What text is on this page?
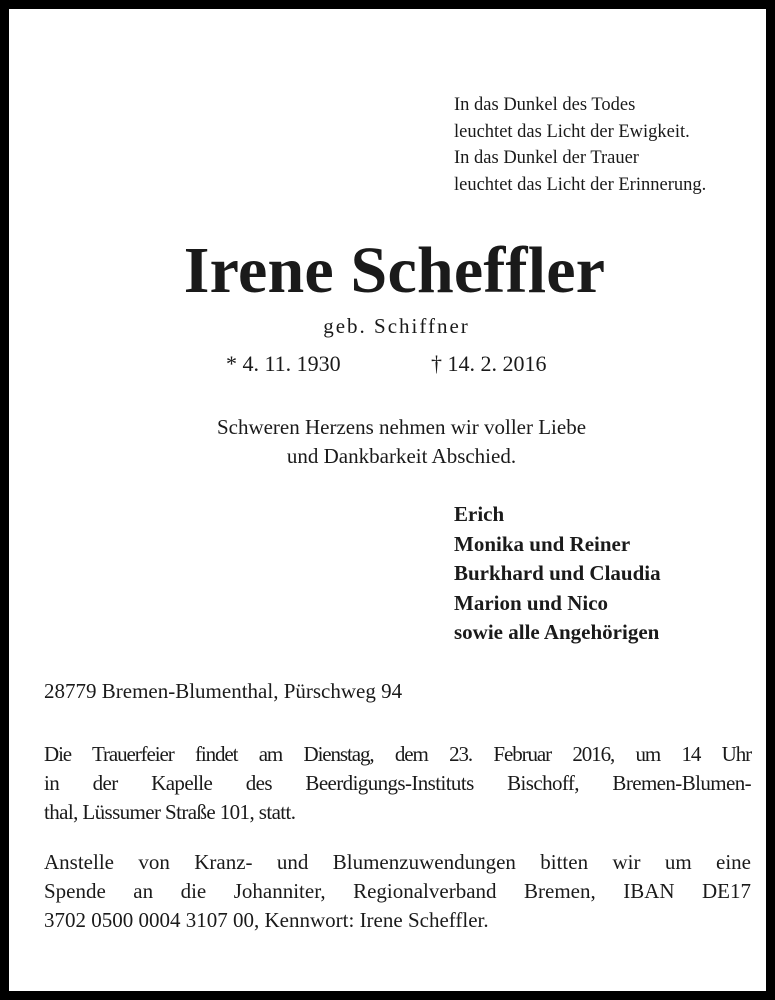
In das Dunkel des Todes
leuchtet das Licht der Ewigkeit.
In das Dunkel der Trauer
leuchtet das Licht der Erinnerung.
Irene Scheffler
geb. Schiffner
* 4. 11. 1930	† 14. 2. 2016
Schweren Herzens nehmen wir voller Liebe
und Dankbarkeit Abschied.
Erich
Monika und Reiner
Burkhard und Claudia
Marion und Nico
sowie alle Angehörigen
28779 Bremen-Blumenthal, Pürschweg 94
Die Trauerfeier findet am Dienstag, dem 23. Februar 2016, um 14 Uhr
in der Kapelle des Beerdigungs-Instituts Bischoff, Bremen-Blumen-
thal, Lüssumer Straße 101, statt.
Anstelle von Kranz- und Blumenzuwendungen bitten wir um eine
Spende an die Johanniter, Regionalverband Bremen, IBAN DE17
3702 0500 0004 3107 00, Kennwort: Irene Scheffler.
